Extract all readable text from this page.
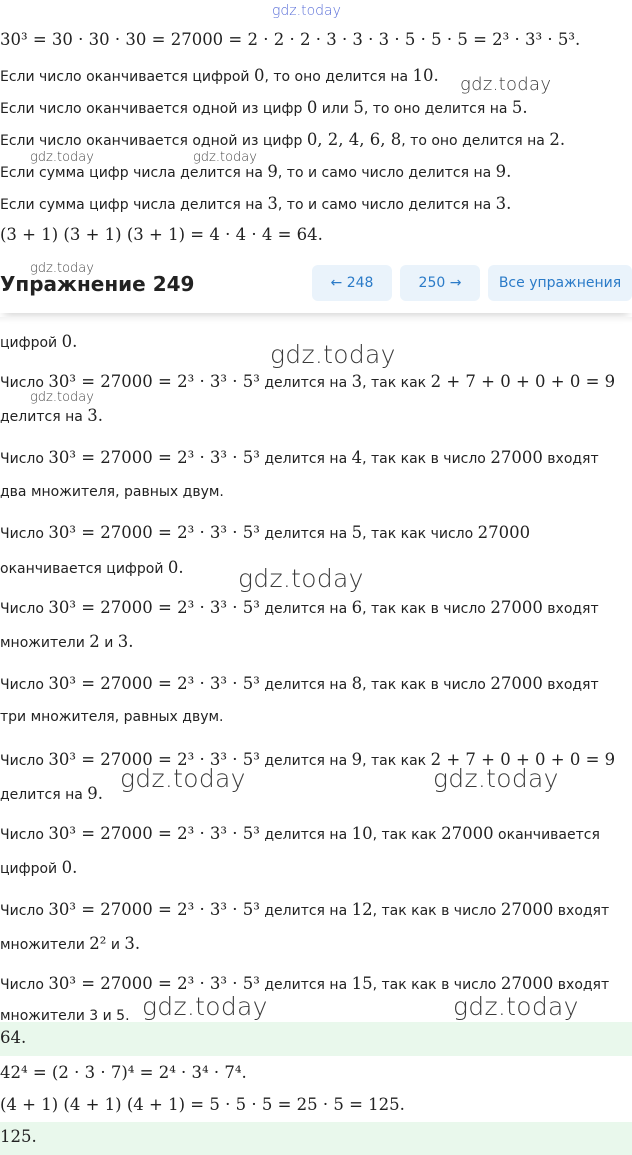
gdz.today
30³ = 30 · 30 · 30 = 27000 = 2 · 2 · 2 · 3 · 3 · 3 · 5 · 5 · 5 = 2³ · 3³ · 5³.
Если число оканчивается цифрой 0, то оно делится на 10. gdz.today
Если число оканчивается одной из цифр 0 или 5, то оно делится на 5.
Если число оканчивается одной из цифр 0, 2, 4, 6, 8, то оно делится на 2.
gdz.today	gdz.today
Если сумма цифр числа делится на 9, то и само число делится на 9.
Если сумма цифр числа делится на 3, то и само число делится на 3.
(3 + 1) (3 + 1) (3 + 1) = 4 · 4 · 4 = 64.
gdz.today
Упражнение 249	← 248	250 →	Все упражнения
цифрой 0.	gdz.today
Число 30³ = 27000 = 2³ · 3³ · 5³ делится на 3, так как 2 + 7 + 0 + 0 + 0 = 9
gdz.today
делится на 3.
Число 30³ = 27000 = 2³ · 3³ · 5³ делится на 4, так как в число 27000 входят
два множителя, равных двум.
Число 30³ = 27000 = 2³ · 3³ · 5³ делится на 5, так как число 27000
оканчивается цифрой 0. gdz.today
Число 30³ = 27000 = 2³ · 3³ · 5³ делится на 6, так как в число 27000 входят
множители 2 и 3.
Число 30³ = 27000 = 2³ · 3³ · 5³ делится на 8, так как в число 27000 входят
три множителя, равных двум.
Число 30³ = 27000 = 2³ · 3³ · 5³ делится на 9, так как 2 + 7 + 0 + 0 + 0 = 9
делится на 9.
gdz.today	gdz.today
Число 30³ = 27000 = 2³ · 3³ · 5³ делится на 10, так как 27000 оканчивается
цифрой 0.
Число 30³ = 27000 = 2³ · 3³ · 5³ делится на 12, так как в число 27000 входят
множители 2² и 3.
Число 30³ = 27000 = 2³ · 3³ · 5³ делится на 15, так как в число 27000 входят
множители 3 и 5. gdz.today	gdz.today
64.
42⁴ = (2 · 3 · 7)⁴ = 2⁴ · 3⁴ · 7⁴.
(4 + 1) (4 + 1) (4 + 1) = 5 · 5 · 5 = 25 · 5 = 125.
125.
